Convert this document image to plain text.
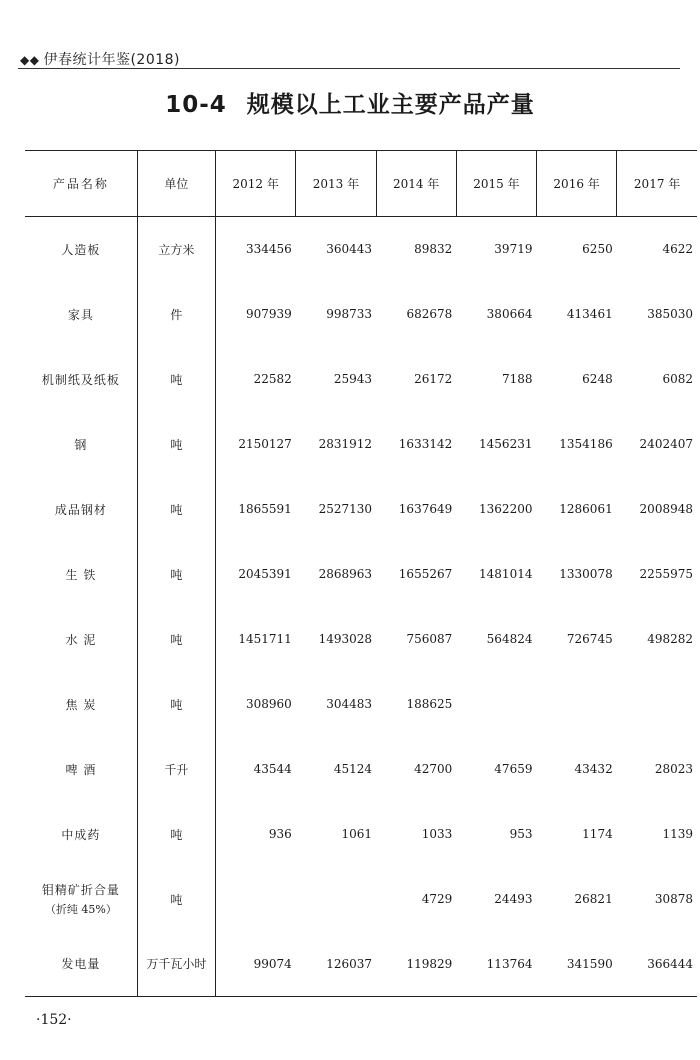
◆◆ 伊春统计年鉴(2018)
10-4 规模以上工业主要产品产量
产品名称	单位	2012 年	2013 年	2014 年	2015 年	2016 年	2017 年
人造板	立方米	334456	360443	89832	39719	6250	4622
家具	件	907939	998733	682678	380664	413461	385030
机制纸及纸板	吨	22582	25943	26172	7188	6248	6082
钢	吨	2150127	2831912	1633142	1456231	1354186	2402407
成品钢材	吨	1865591	2527130	1637649	1362200	1286061	2008948
生 铁	吨	2045391	2868963	1655267	1481014	1330078	2255975
水 泥	吨	1451711	1493028	756087	564824	726745	498282
焦 炭	吨	308960	304483	188625			
啤 酒	千升	43544	45124	42700	47659	43432	28023
中成药	吨	936	1061	1033	953	1174	1139
钼精矿折合量
（折纯 45%）	吨			4729	24493	26821	30878
发电量	万千瓦小时	99074	126037	119829	113764	341590	366444
·152·
